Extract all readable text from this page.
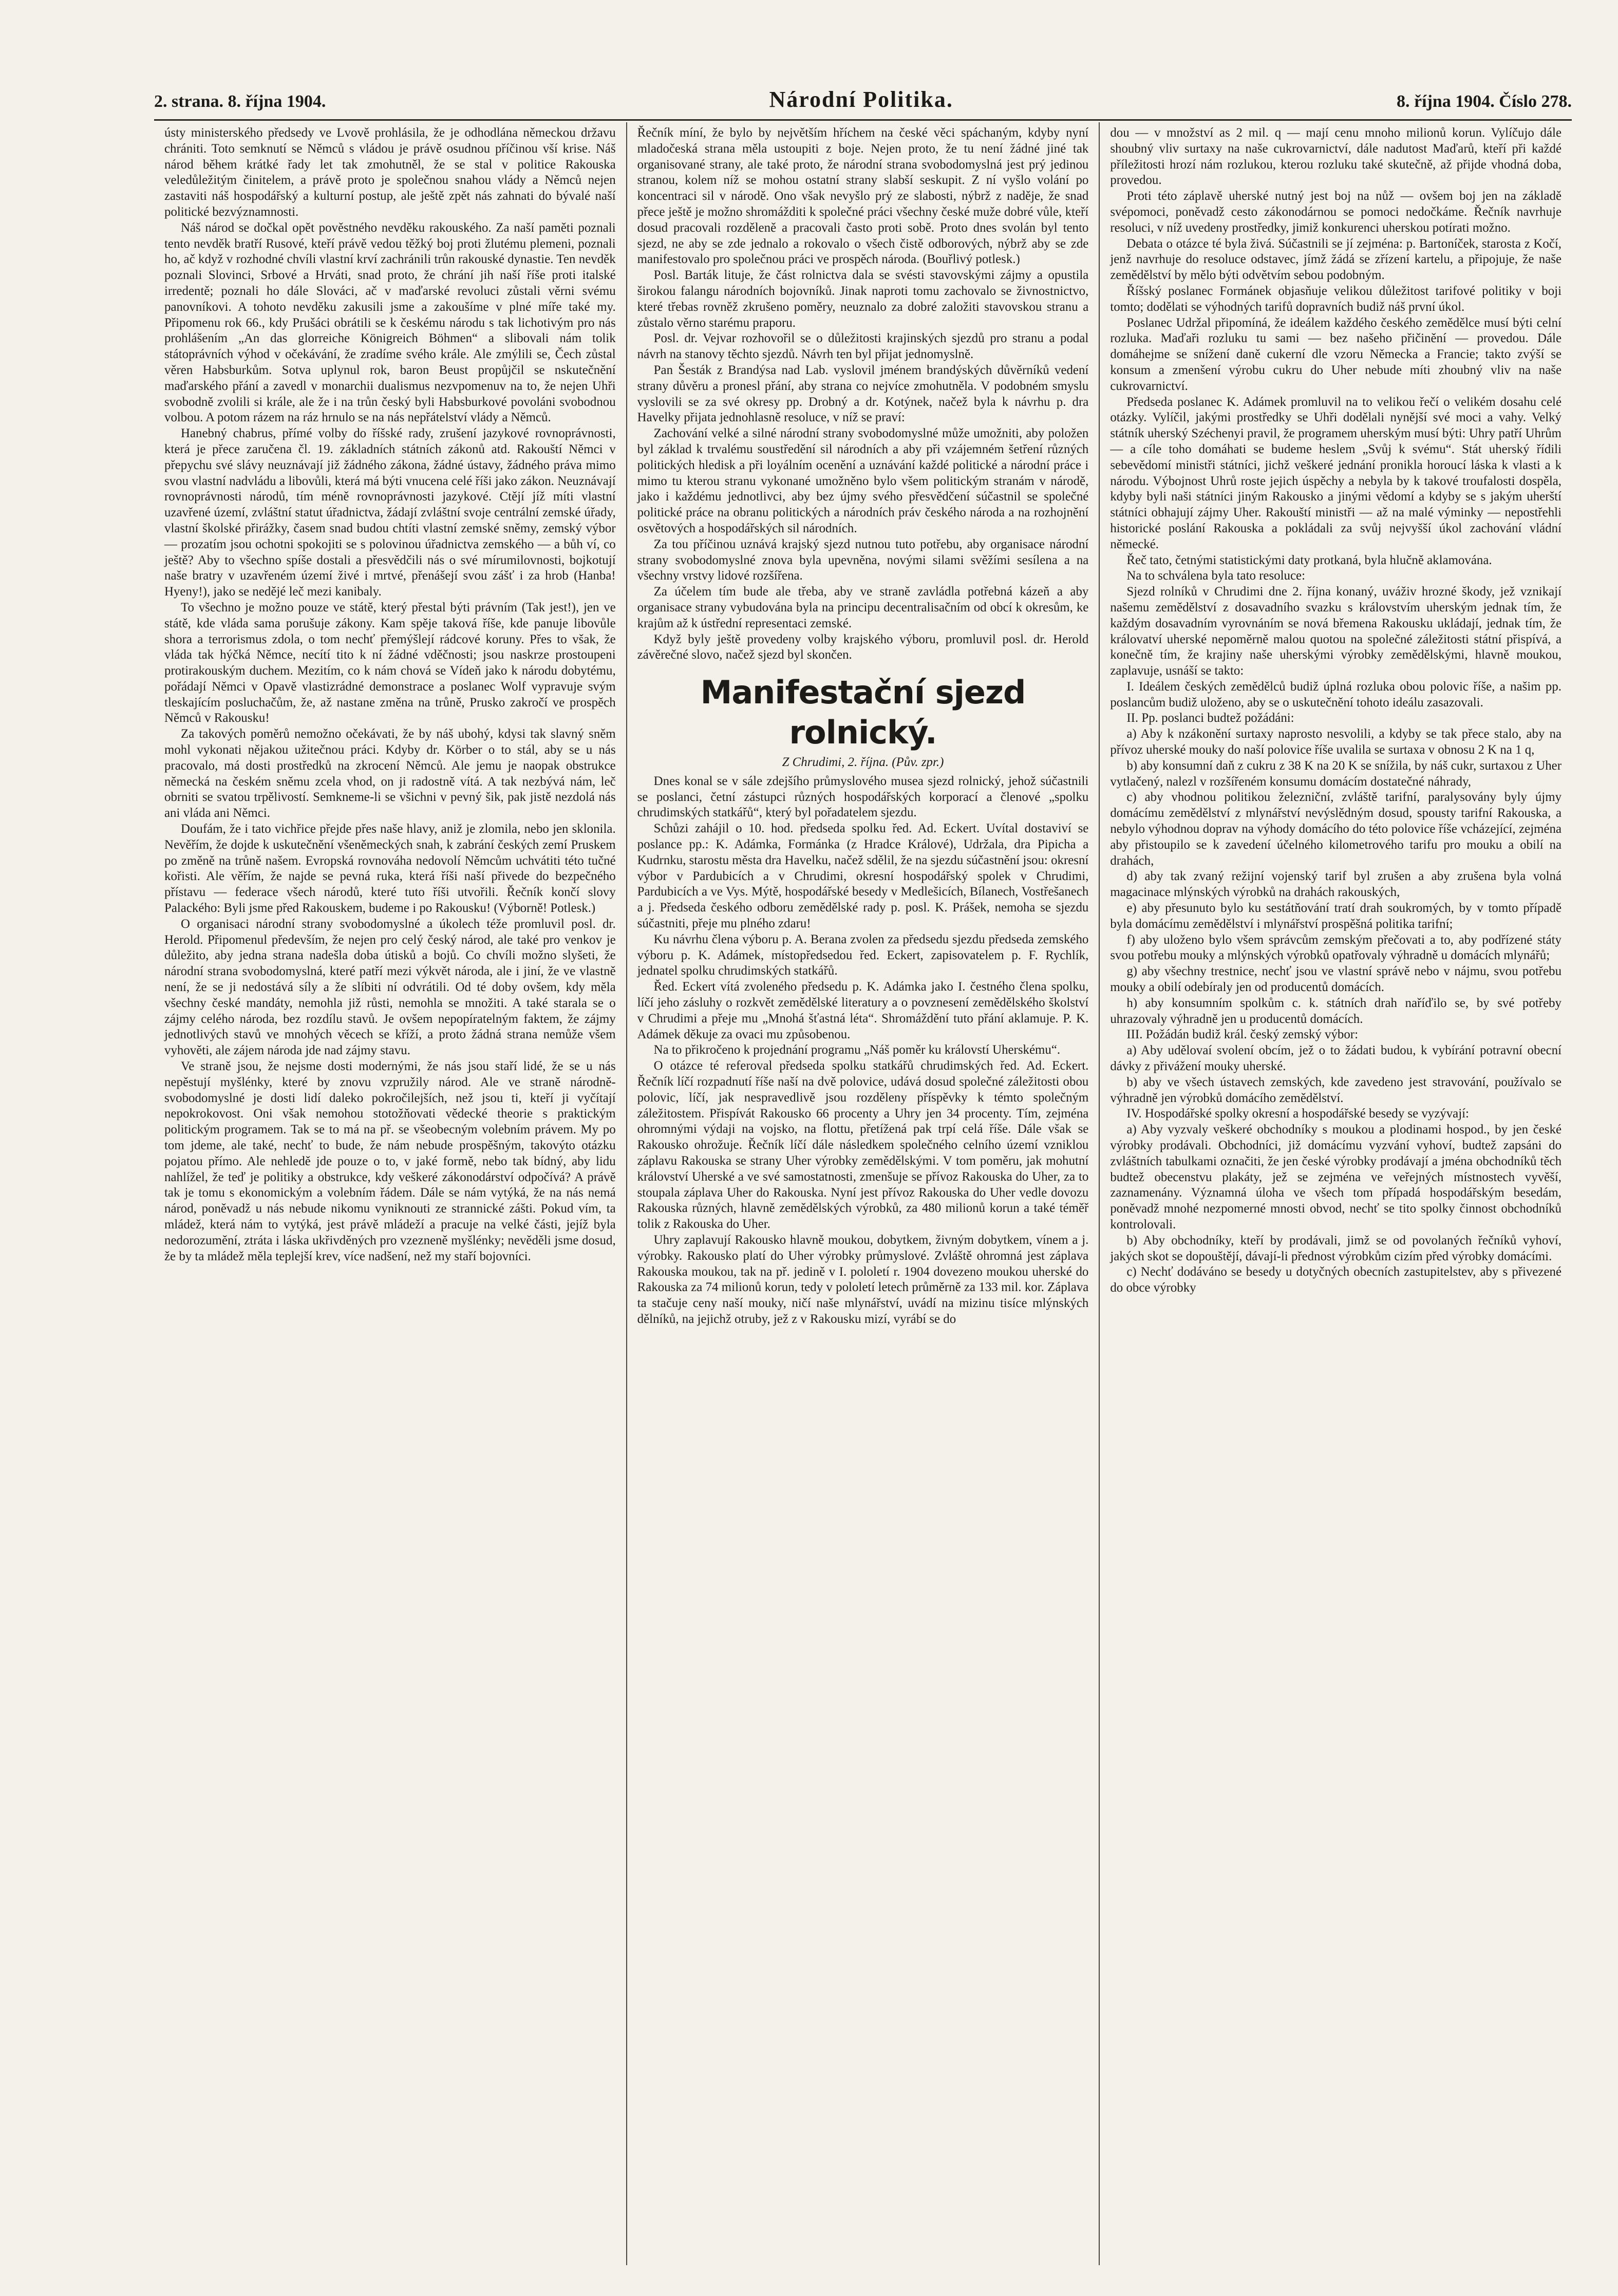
2. strana. 8. října 1904.	Národní Politika.	8. října 1904. Číslo 278.

ústy ministerského předsedy ve Lvově prohlásila, že je odhodlána německou državu chrániti. Toto semknutí se Němců s vládou je právě osudnou příčinou vší krise. Náš národ během krátké řady let tak zmohutněl, že se stal v politice Rakouska veledůležitým činitelem, a právě proto je společnou snahou vlády a Němců nejen zastaviti náš hospodářský a kulturní postup, ale ještě zpět nás zahnati do bývalé naší politické bezvýznamnosti.

Náš národ se dočkal opět pověstného nevděku rakouského. Za naší paměti poznali tento nevděk bratří Rusové, kteří právě vedou těžký boj proti žlutému plemeni, poznali ho, ač když v rozhodné chvíli vlastní krví zachránili trůn rakouské dynastie. Ten nevděk poznali Slovinci, Srbové a Hrváti, snad proto, že chrání jih naší říše proti italské irredentě; poznali ho dále Slováci, ač v maďarské revoluci zůstali věrni svému panovníkovi. A tohoto nevděku zakusili jsme a zakoušíme v plné míře také my. Připomenu rok 66., kdy Prušáci obrátili se k českému národu s tak lichotivým pro nás prohlášením „An das glorreiche Königreich Böhmen“ a slibovali nám tolik státoprávních výhod v očekávání, že zradíme svého krále. Ale zmýlili se, Čech zůstal věren Habsburkům. Sotva uplynul rok, baron Beust propůjčil se nskutečnění maďarského přání a zavedl v monarchii dualismus nezvpomenuv na to, že nejen Uhři svobodně zvolili si krále, ale že i na trůn český byli Habsburkové povoláni svobodnou volbou. A potom rázem na ráz hrnulo se na nás nepřátelství vlády a Němců.

Hanebný chabrus, přímé volby do říšské rady, zrušení jazykové rovnoprávnosti, která je přece zaručena čl. 19. základních státních zákonů atd. Rakouští Němci v přepychu své slávy neuznávají již žádného zákona, žádné ústavy, žádného práva mimo svou vlastní nadvládu a libovůli, která má býti vnucena celé říši jako zákon. Neuznávají rovnoprávnosti národů, tím méně rovnoprávnosti jazykové. Ctějí jíž míti vlastní uzavřené území, zvláštní statut úřadnictva, žádají zvláštní svoje centrální zemské úřady, vlastní školské přirážky, časem snad budou chtíti vlastní zemské sněmy, zemský výbor — prozatím jsou ochotni spokojiti se s polovinou úřadnictva zemského — a bůh ví, co ještě? Aby to všechno spíše dostali a přesvědčili nás o své mírumilovnosti, bojkotují naše bratry v uzavřeném území živé i mrtvé, přenášejí svou zášť i za hrob (Hanba! Hyeny!), jako se nedějé leč mezi kanibaly.

To všechno je možno pouze ve státě, který přestal býti právním (Tak jest!), jen ve státě, kde vláda sama porušuje zákony. Kam spěje taková říše, kde panuje libovůle shora a terrorismus zdola, o tom nechť přemýšlejí rádcové koruny. Přes to však, že vláda tak hýčká Němce, necítí tito k ní žádné vděčnosti; jsou naskrze prostoupeni protirakouským duchem. Mezitím, co k nám chová se Vídeň jako k národu dobytému, pořádají Němci v Opavě vlastizrádné demonstrace a poslanec Wolf vypravuje svým tleskajícím posluchačům, že, až nastane změna na trůně, Prusko zakročí ve prospěch Němců v Rakousku!

Za takových poměrů nemožno očekávati, že by náš ubohý, kdysi tak slavný sněm mohl vykonati nějakou užitečnou práci. Kdyby dr. Körber o to stál, aby se u nás pracovalo, má dosti prostředků na zkrocení Němců. Ale jemu je naopak obstrukce německá na českém sněmu zcela vhod, on ji radostně vítá. A tak nezbývá nám, leč obrniti se svatou trpělivostí. Semkneme-li se všichni v pevný šik, pak jistě nezdolá nás ani vláda ani Němci.

Doufám, že i tato vichřice přejde přes naše hlavy, aniž je zlomila, nebo jen sklonila. Nevěřím, že dojde k uskutečnění všeněmeckých snah, k zabrání českých zemí Pruskem po změně na trůně našem. Evropská rovnováha nedovolí Němcům uchvátiti této tučné kořisti. Ale věřím, že najde se pevná ruka, která říši naší přivede do bezpečného přístavu — federace všech národů, které tuto říši utvořili. Řečník končí slovy Palackého: Byli jsme před Rakouskem, budeme i po Rakousku! (Výborně! Potlesk.)

O organisaci národní strany svobodomyslné a úkolech téže promluvil posl. dr. Herold. Připomenul především, že nejen pro celý český národ, ale také pro venkov je důležito, aby jedna strana nadešla doba útisků a bojů. Co chvíli možno slyšeti, že národní strana svobodomyslná, které patří mezi výkvět národa, ale i jiní, že ve vlastně není, že se ji nedostává síly a že slíbiti ní odvrátili. Od té doby ovšem, kdy měla všechny české mandáty, nemohla již růsti, nemohla se množiti. A také starala se o zájmy celého národa, bez rozdílu stavů. Je ovšem nepopíratelným faktem, že zájmy jednotlivých stavů ve mnohých věcech se kříží, a proto žádná strana nemůže všem vyhověti, ale zájem národa jde nad zájmy stavu.

Ve straně jsou, že nejsme dosti modernými, že nás jsou staří lidé, že se u nás nepěstují myšlénky, které by znovu vzpružily národ. Ale ve straně národně-svobodomyslné je dosti lidí daleko pokročilejších, než jsou ti, kteří ji vyčítají nepokrokovost. Oni však nemohou stotožňovati vědecké theorie s praktickým politickým programem. Tak se to má na př. se všeobecným volebním právem. My po tom jdeme, ale také, nechť to bude, že nám nebude prospěšným, takovýto otázku pojatou přímo. Ale nehledě jde pouze o to, v jaké formě, nebo tak bídný, aby lidu nahlížel, že teď je politiky a obstrukce, kdy veškeré zákonodárství odpočívá? A právě tak je tomu s ekonomickým a volebním řádem. Dále se nám vytýká, že na nás nemá národ, poněvadž u nás nebude nikomu vyniknouti ze strannické zášti. Pokud vím, ta mládež, která nám to vytýká, jest právě mládeží a pracuje na velké části, jejíž byla nedorozumění, ztráta i láska ukřivděných pro vzezneně myšlénky; nevěděli jsme dosud, že by ta mládež měla teplejší krev, více nadšení, než my staří bojovníci.

Řečník míní, že bylo by největším hříchem na české věci spáchaným, kdyby nyní mladočeská strana měla ustoupiti z boje. Nejen proto, že tu není žádné jiné tak organisované strany, ale také proto, že národní strana svobodomyslná jest prý jedinou stranou, kolem níž se mohou ostatní strany slabší seskupit. Z ní vyšlo volání po koncentraci sil v národě. Ono však nevyšlo prý ze slabosti, nýbrž z naděje, že snad přece ještě je možno shromážditi k společné práci všechny české muže dobré vůle, kteří dosud pracovali rozděleně a pracovali často proti sobě. Proto dnes svolán byl tento sjezd, ne aby se zde jednalo a rokovalo o všech čistě odborových, nýbrž aby se zde manifestovalo pro společnou práci ve prospěch národa. (Bouřlivý potlesk.)

Posl. Barták lituje, že část rolnictva dala se svésti stavovskými zájmy a opustila širokou falangu národních bojovníků. Jinak naproti tomu zachovalo se živnostnictvo, které třebas rovněž zkrušeno poměry, neuznalo za dobré založiti stavovskou stranu a zůstalo věrno starému praporu.

Posl. dr. Vejvar rozhovořil se o důležitosti krajinských sjezdů pro stranu a podal návrh na stanovy těchto sjezdů. Návrh ten byl přijat jednomyslně.

Pan Šesták z Brandýsa nad Lab. vyslovil jménem brandýských důvěrníků vedení strany důvěru a pronesl přání, aby strana co nejvíce zmohutněla. V podobném smyslu vyslovili se za své okresy pp. Drobný a dr. Kotýnek, načež byla k návrhu p. dra Havelky přijata jednohlasně resoluce, v níž se praví:

Zachování velké a silné národní strany svobodomyslné může umožniti, aby položen byl základ k trvalému soustředění sil národních a aby při vzájemném šetření různých politických hledisk a při loyálním ocenění a uznávání každé politické a národní práce i mimo tu kterou stranu vykonané umožněno bylo všem politickým stranám v národě, jako i každému jednotlivci, aby bez újmy svého přesvědčení súčastnil se společné politické práce na obranu politických a národních práv českého národa a na rozhojnění osvětových a hospodářských sil národních.

Za tou příčinou uznává krajský sjezd nutnou tuto potřebu, aby organisace národní strany svobodomyslné znova byla upevněna, novými silami svěžími sesílena a na všechny vrstvy lidové rozšířena.

Za účelem tím bude ale třeba, aby ve straně zavládla potřebná kázeň a aby organisace strany vybudována byla na principu decentralisačním od obcí k okresům, ke krajům až k ústřední representaci zemské.

Když byly ještě provedeny volby krajského výboru, promluvil posl. dr. Herold závěrečné slovo, načež sjezd byl skončen.

Manifestační sjezd rolnický.

Z Chrudimi, 2. října. (Pův. zpr.)

Dnes konal se v sále zdejšího průmyslového musea sjezd rolnický, jehož súčastnili se poslanci, četní zástupci různých hospodářských korporací a členové „spolku chrudimských statkářů“, který byl pořadatelem sjezdu.

Schůzi zahájil o 10. hod. předseda spolku řed. Ad. Eckert. Uvítal dostaviví se poslance pp.: K. Adámka, Formánka (z Hradce Králové), Udržala, dra Pipicha a Kudrnku, starostu města dra Havelku, načež sdělil, že na sjezdu súčastnění jsou: okresní výbor v Pardubicích a v Chrudimi, okresní hospodářský spolek v Chrudimi, Pardubicích a ve Vys. Mýtě, hospodářské besedy v Medlešicích, Bílanech, Vostřešanech a j. Předseda českého odboru zemědělské rady p. posl. K. Prášek, nemoha se sjezdu súčastniti, přeje mu plného zdaru!

Ku návrhu člena výboru p. A. Berana zvolen za předsedu sjezdu předseda zemského výboru p. K. Adámek, místopředsedou řed. Eckert, zapisovatelem p. F. Rychlík, jednatel spolku chrudimských statkářů.

Řed. Eckert vítá zvoleného předsedu p. K. Adámka jako I. čestného člena spolku, líčí jeho zásluhy o rozkvět zemědělské literatury a o povznesení zemědělského školství v Chrudimi a přeje mu „Mnohá šťastná léta“. Shromáždění tuto přání aklamuje. P. K. Adámek děkuje za ovaci mu způsobenou.

Na to přikročeno k projednání programu „Náš poměr ku královstí Uherskému“.

O otázce té referoval předseda spolku statkářů chrudimských řed. Ad. Eckert. Řečník líčí rozpadnutí říše naší na dvě polovice, udává dosud společné záležitosti obou polovic, líčí, jak nespravedlivě jsou rozděleny příspěvky k témto společným záležitostem. Přispívát Rakousko 66 procenty a Uhry jen 34 procenty. Tím, zejména ohromnými výdaji na vojsko, na flottu, přetížená pak trpí celá říše. Dále však se Rakousko ohrožuje. Řečník líčí dále následkem společného celního území vzniklou záplavu Rakouska se strany Uher výrobky zemědělskými. V tom poměru, jak mohutní království Uherské a ve své samostatnosti, zmenšuje se přívoz Rakouska do Uher, za to stoupala záplava Uher do Rakouska. Nyní jest přívoz Rakouska do Uher vedle dovozu Rakouska různých, hlavně zemědělských výrobků, za 480 milionů korun a také téměř tolik z Rakouska do Uher.

Uhry zaplavují Rakousko hlavně moukou, dobytkem, živným dobytkem, vínem a j. výrobky. Rakousko platí do Uher výrobky průmyslové. Zvláště ohromná jest záplava Rakouska moukou, tak na př. jedině v I. pololetí r. 1904 dovezeno moukou uherské do Rakouska za 74 milionů korun, tedy v pololetí letech průměrně za 133 mil. kor. Záplava ta stačuje ceny naší mouky, ničí naše mlynářství, uvádí na mizinu tisíce mlýnských dělníků, na jejichž otruby, jež z v Rakousku mizí, vyrábí se do

dou — v množství as 2 mil. q — mají cenu mnoho milionů korun. Vylíčujo dále shoubný vliv surtaxy na naše cukrovarnictví, dále nadutost Maďarů, kteří při každé příležitosti hrozí nám rozlukou, kterou rozluku také skutečně, až přijde vhodná doba, provedou.

Proti této záplavě uherské nutný jest boj na nůž — ovšem boj jen na základě svépomoci, poněvadž cesto zákonodárnou se pomoci nedočkáme. Řečník navrhuje resoluci, v níž uvedeny prostředky, jimiž konkurenci uherskou potírati možno.

Debata o otázce té byla živá. Súčastnili se jí zejména: p. Bartoníček, starosta z Kočí, jenž navrhuje do resoluce odstavec, jímž žádá se zřízení kartelu, a připojuje, že naše zemědělství by mělo býti odvětvím sebou podobným.

Říšský poslanec Formánek objasňuje velikou důležitost tarifové politiky v boji tomto; dodělati se výhodných tarifů dopravních budiž náš první úkol.

Poslanec Udržal připomíná, že ideálem každého českého zemědělce musí býti celní rozluka. Maďaři rozluku tu sami — bez našeho přičinění — provedou. Dále domáhejme se snížení daně cukerní dle vzoru Německa a Francie; takto zvýší se konsum a zmenšení výrobu cukru do Uher nebude míti zhoubný vliv na naše cukrovarnictví.

Předseda poslanec K. Adámek promluvil na to velikou řečí o velikém dosahu celé otázky. Vylíčil, jakými prostředky se Uhři dodělali nynější své moci a vahy. Velký státník uherský Széchenyi pravil, že programem uherským musí býti: Uhry patří Uhrům — a cíle toho domáhati se budeme heslem „Svůj k svému“. Stát uherský řídili sebevědomí ministři státníci, jichž veškeré jednání pronikla horoucí láska k vlasti a k národu. Výbojnost Uhrů roste jejich úspěchy a nebyla by k takové troufalosti dospěla, kdyby byli naši státníci jiným Rakousko a jinými vědomí a kdyby se s jakým uherští státníci obhajují zájmy Uher. Rakouští ministři — až na malé výminky — nepostřehli historické poslání Rakouska a pokládali za svůj nejvyšší úkol zachování vládní německé.

Řeč tato, četnými statistickými daty protkaná, byla hlučně aklamována.

Na to schválena byla tato resoluce:

Sjezd rolníků v Chrudimi dne 2. října konaný, uváživ hrozné škody, jež vznikají našemu zemědělství z dosavadního svazku s královstvím uherským jednak tím, že každým dosavadním vyrovnáním se nová břemena Rakousku ukládají, jednak tím, že královatví uherské nepoměrně malou quotou na společné záležitosti státní přispívá, a konečně tím, že krajiny naše uherskými výrobky zemědělskými, hlavně moukou, zaplavuje, usnáší se takto:

I. Ideálem českých zemědělců budiž úplná rozluka obou polovic říše, a našim pp. poslancům budiž uloženo, aby se o uskutečnění tohoto ideálu zasazovali.

II. Pp. poslanci budtež požádáni:

a) Aby k nzákonění surtaxy naprosto nesvolili, a kdyby se tak přece stalo, aby na přívoz uherské mouky do naší polovice říše uvalila se surtaxa v obnosu 2 K na 1 q,

b) aby konsumní daň z cukru z 38 K na 20 K se snížila, by náš cukr, surtaxou z Uher vytlačený, nalezl v rozšířeném konsumu domácím dostatečné náhrady,

c) aby vhodnou politikou železniční, zvláště tarifní, paralysovány byly újmy domácímu zemědělství z mlynářství nevýslědným dosud, spousty tarifní Rakouska, a nebylo výhodnou doprav na výhody domácího do této polovice říše vcházející, zejména aby přistoupilo se k zavedení účelného kilometrového tarifu pro mouku a obilí na drahách,

d) aby tak zvaný režijní vojenský tarif byl zrušen a aby zrušena byla volná magacinace mlýnských výrobků na drahách rakouských,

e) aby přesunuto bylo ku sestátňování tratí drah soukromých, by v tomto případě byla domácímu zemědělství i mlynářství prospěšná politika tarifní;

f) aby uloženo bylo všem správcům zemským přečovati a to, aby podřízené státy svou potřebu mouky a mlýnských výrobků opatřovaly výhradně u domácích mlynářů;

g) aby všechny trestnice, nechť jsou ve vlastní správě nebo v nájmu, svou potřebu mouky a obilí odebíraly jen od producentů domácích.

h) aby konsumním spolkům c. k. státních drah naříďilo se, by své potřeby uhrazovaly výhradně jen u producentů domácích.

III. Požádán budiž král. český zemský výbor:

a) Aby udělovaí svolení obcím, jež o to žádati budou, k vybírání potravní obecní dávky z přivážení mouky uherské.

b) aby ve všech ústavech zemských, kde zavedeno jest stravování, používalo se výhradně jen výrobků domácího zemědělství.

IV. Hospodářské spolky okresní a hospodářské besedy se vyzývají:

a) Aby vyzvaly veškeré obchodníky s moukou a plodinami hospod., by jen české výrobky prodávali. Obchodníci, již domácímu vyzvání vyhoví, budtež zapsáni do zvláštních tabulkami označiti, že jen české výrobky prodávají a jména obchodníků těch budtež obecenstvu plakáty, jež se zejména ve veřejných místnostech vyvěší, zaznamenány. Významná úloha ve všech tom případá hospodářským besedám, poněvadž mnohé nezpomerné mnosti obvod, nechť se tito spolky činnost obchodníků kontrolovali.

b) Aby obchodníky, kteří by prodávali, jimž se od povolaných řečníků vyhoví, jakých skot se dopouštějí, dávají-li přednost výrobkům cizím před výrobky domácími.

c) Nechť dodáváno se besedy u dotyčných obecních zastupitelstev, aby s přivezené do obce výrobky
